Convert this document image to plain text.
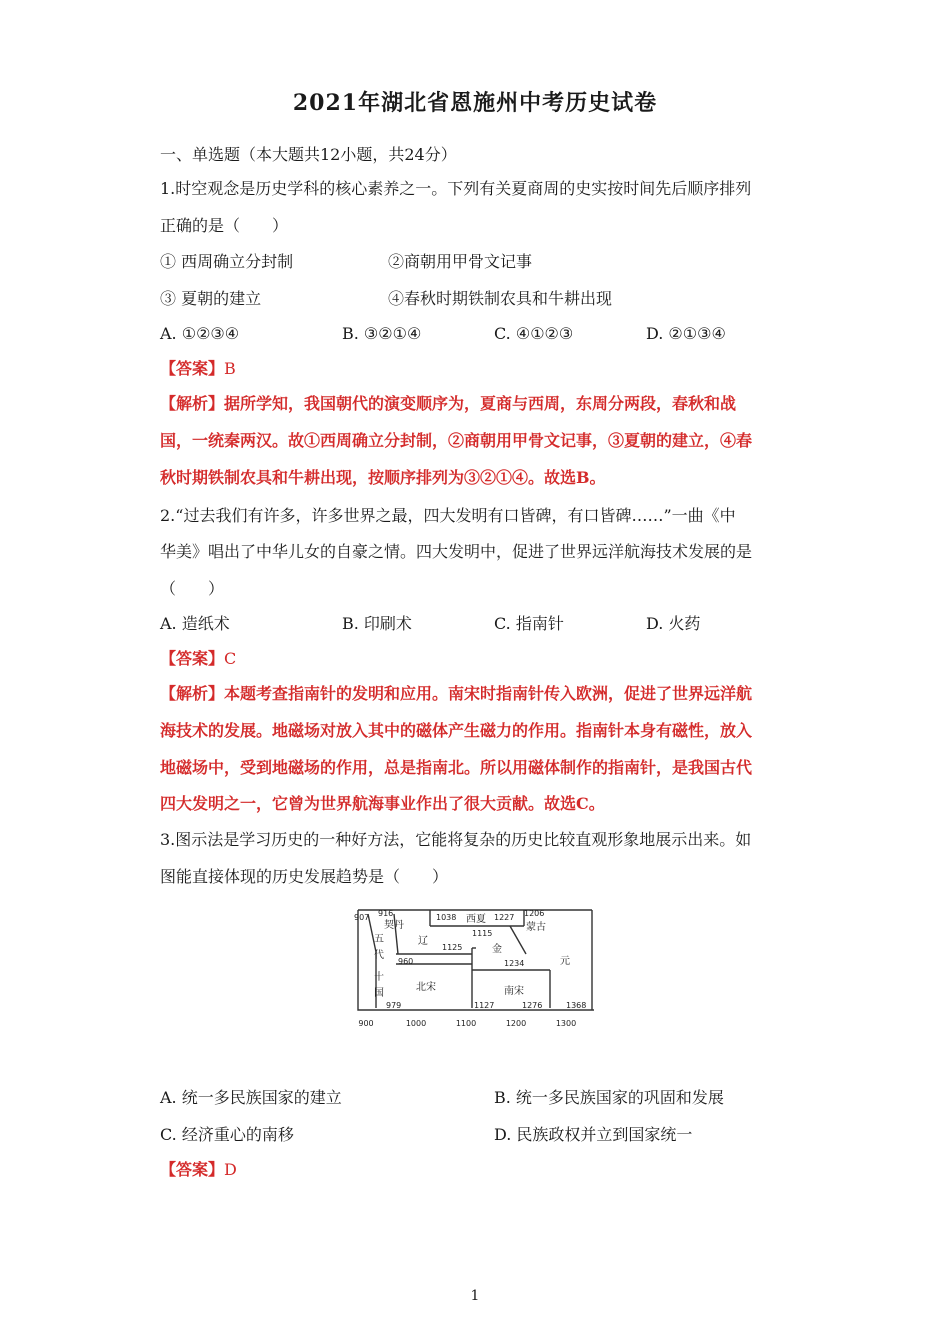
2021年湖北省恩施州中考历史试卷
一、单选题（本大题共12小题，共24分）
1.时空观念是历史学科的核心素养之一。下列有关夏商周的史实按时间先后顺序排列
正确的是（　　）
① 西周确立分封制	②商朝用甲骨文记事
③ 夏朝的建立	④春秋时期铁制农具和牛耕出现
A. ①②③④	B. ③②①④	C. ④①②③	D. ②①③④
【答案】B
【解析】据所学知，我国朝代的演变顺序为，夏商与西周，东周分两段，春秋和战
国，一统秦两汉。故①西周确立分封制，②商朝用甲骨文记事，③夏朝的建立，④春
秋时期铁制农具和牛耕出现，按顺序排列为③②①④。故选B。
2.“过去我们有许多，许多世界之最，四大发明有口皆碑，有口皆碑……”一曲《中
华美》唱出了中华儿女的自豪之情。四大发明中，促进了世界远洋航海技术发展的是
（　　）
A. 造纸术	B. 印刷术	C. 指南针	D. 火药
【答案】C
【解析】本题考查指南针的发明和应用。南宋时指南针传入欧洲，促进了世界远洋航
海技术的发展。地磁场对放入其中的磁体产生磁力的作用。指南针本身有磁性，放入
地磁场中，受到地磁场的作用，总是指南北。所以用磁体制作的指南针，是我国古代
四大发明之一，它曾为世界航海事业作出了很大贡献。故选C。
3.图示法是学习历史的一种好方法，它能将复杂的历史比较直观形象地展示出来。如
图能直接体现的历史发展趋势是（　　）
907 916
契丹
1038 西夏 1227 1206
蒙古
五
代
辽
1125
1115
金
960	1234	元
十
国
北宋	南宋
979	1127	1276	1368
900	1000	1100	1200	1300
A. 统一多民族国家的建立	B. 统一多民族国家的巩固和发展
C. 经济重心的南移	D. 民族政权并立到国家统一
【答案】D
1
